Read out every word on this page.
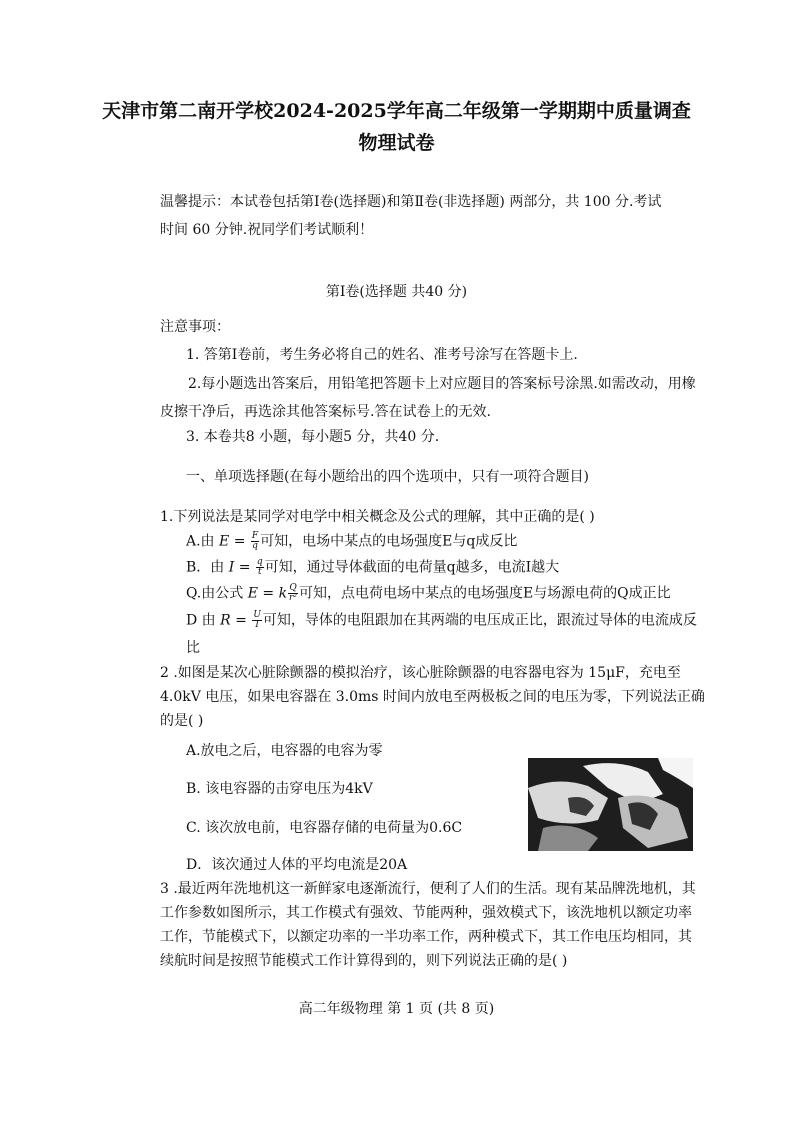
天津市第二南开学校2024-2025学年高二年级第一学期期中质量调查
物理试卷
温馨提示：本试卷包括第Ⅰ卷(选择题)和第Ⅱ卷(非选择题) 两部分，共 100 分.考试
时间 60 分钟.祝同学们考试顺利！
第Ⅰ卷(选择题 共40 分)
注意事项：
1. 答第Ⅰ卷前，考生务必将自己的姓名、准考号涂写在答题卡上.
2.每小题选出答案后，用铅笔把答题卡上对应题目的答案标号涂黑.如需改动，用橡
皮擦干净后，再选涂其他答案标号.答在试卷上的无效.
3. 本卷共8 小题，每小题5 分，共40 分.
一、单项选择题(在每小题给出的四个选项中，只有一项符合题目)
1.下列说法是某同学对电学中相关概念及公式的理解，其中正确的是( )
A.由 $E = \frac{F}{q}$ 可知，电场中某点的电场强度E与q成反比
B．由 $I = \frac{q}{t}$ 可知，通过导体截面的电荷量q越多，电流I越大
Q.由公式 E = k $\frac{Q}{\text{r²}}$ 可知，点电荷电场中某点的电场强度E与场源电荷的Q成正比
D 由 $R = \frac{U}{I}$ 可知，导体的电阻跟加在其两端的电压成正比，跟流过导体的电流成反
比
2 .如图是某次心脏除颤器的模拟治疗，该心脏除颤器的电容器电容为 15μF，充电至
4.0kV 电压，如果电容器在 3.0ms 时间内放电至两极板之间的电压为零，下列说法正确
的是( )
A.放电之后，电容器的电容为零
B. 该电容器的击穿电压为4kV
C. 该次放电前，电容器存储的电荷量为0.6C
D．该次通过人体的平均电流是20A
3 .最近两年洗地机这一新鲜家电逐渐流行，便利了人们的生活。现有某品牌洗地机，其
工作参数如图所示，其工作模式有强效、节能两种，强效模式下，该洗地机以额定功率
工作，节能模式下，以额定功率的一半功率工作，两种模式下，其工作电压均相同，其
续航时间是按照节能模式工作计算得到的，则下列说法正确的是( )
高二年级物理 第 1 页 (共 8 页)
